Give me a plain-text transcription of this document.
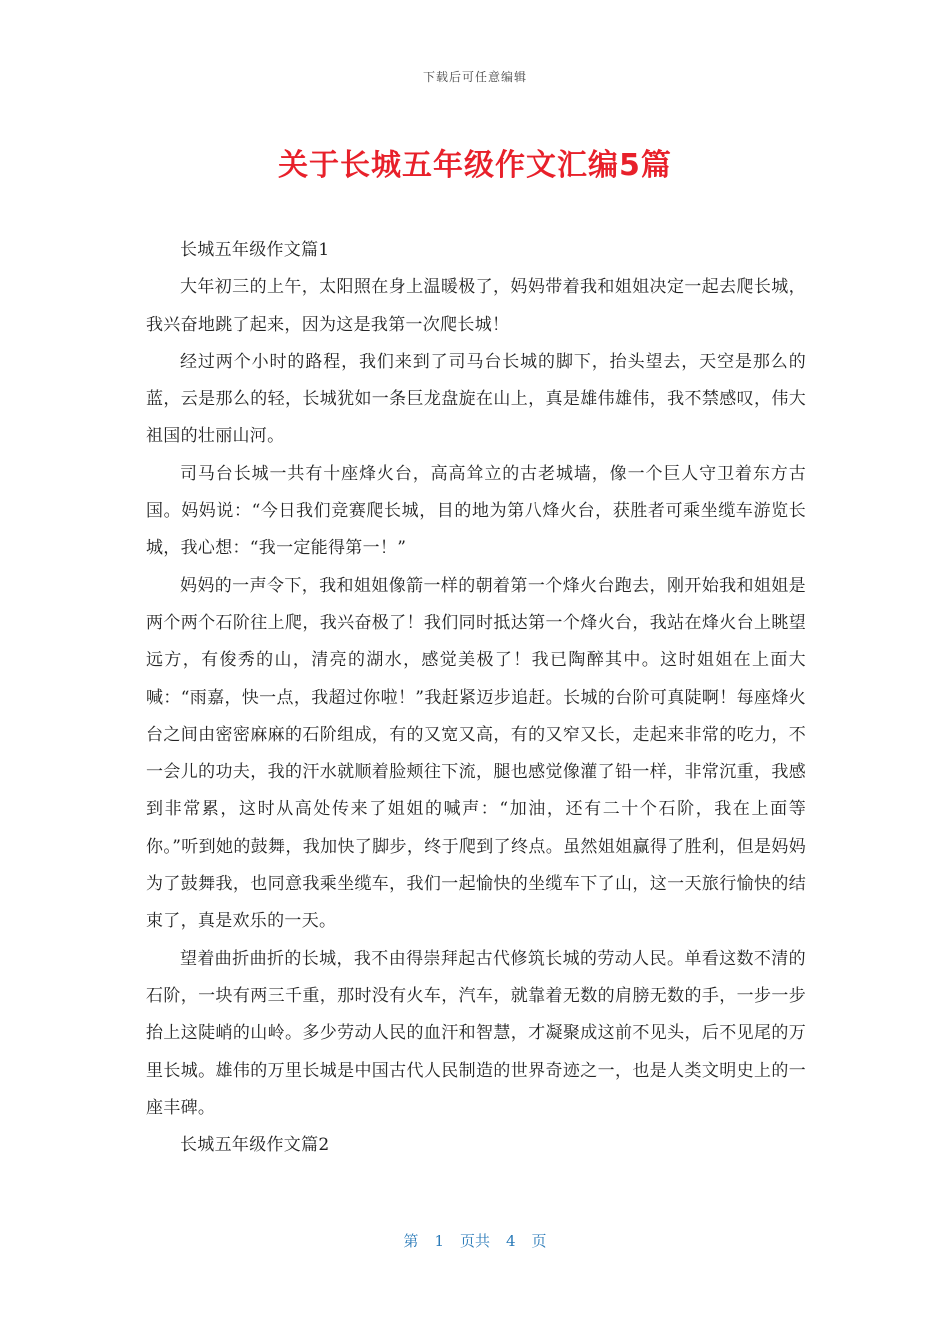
下载后可任意编辑
关于长城五年级作文汇编5篇

长城五年级作文篇1

大年初三的上午，太阳照在身上温暖极了，妈妈带着我和姐姐决定一起去爬长城，我兴奋地跳了起来，因为这是我第一次爬长城！

经过两个小时的路程，我们来到了司马台长城的脚下，抬头望去，天空是那么的蓝，云是那么的轻，长城犹如一条巨龙盘旋在山上，真是雄伟雄伟，我不禁感叹，伟大祖国的壮丽山河。

司马台长城一共有十座烽火台，高高耸立的古老城墙，像一个巨人守卫着东方古国。妈妈说：“今日我们竞赛爬长城，目的地为第八烽火台，获胜者可乘坐缆车游览长城，我心想：“我一定能得第一！”

妈妈的一声令下，我和姐姐像箭一样的朝着第一个烽火台跑去，刚开始我和姐姐是两个两个石阶往上爬，我兴奋极了！我们同时抵达第一个烽火台，我站在烽火台上眺望远方，有俊秀的山，清亮的湖水，感觉美极了！我已陶醉其中。这时姐姐在上面大喊：“雨嘉，快一点，我超过你啦！”我赶紧迈步追赶。长城的台阶可真陡啊！每座烽火台之间由密密麻麻的石阶组成，有的又宽又高，有的又窄又长，走起来非常的吃力，不一会儿的功夫，我的汗水就顺着脸颊往下流，腿也感觉像灌了铅一样，非常沉重，我感到非常累，这时从高处传来了姐姐的喊声：“加油，还有二十个石阶，我在上面等你。”听到她的鼓舞，我加快了脚步，终于爬到了终点。虽然姐姐赢得了胜利，但是妈妈为了鼓舞我，也同意我乘坐缆车，我们一起愉快的坐缆车下了山，这一天旅行愉快的结束了，真是欢乐的一天。

望着曲折曲折的长城，我不由得崇拜起古代修筑长城的劳动人民。单看这数不清的石阶，一块有两三千重，那时没有火车，汽车，就靠着无数的肩膀无数的手，一步一步抬上这陡峭的山岭。多少劳动人民的血汗和智慧，才凝聚成这前不见头，后不见尾的万里长城。雄伟的万里长城是中国古代人民制造的世界奇迹之一，也是人类文明史上的一座丰碑。

长城五年级作文篇2

第 1 页共 4 页
